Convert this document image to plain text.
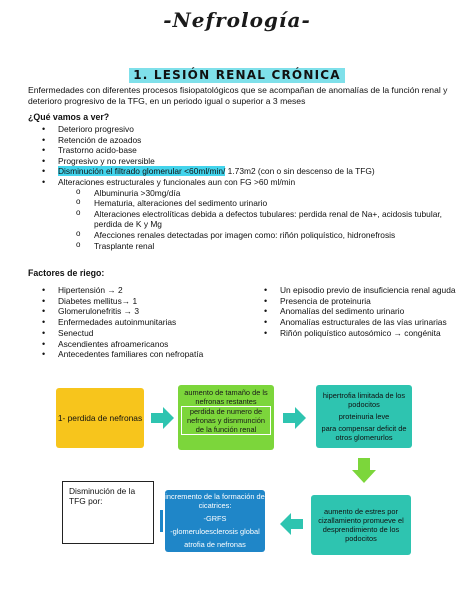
-Nefrología-
1. LESIÓN RENAL CRÓNICA
Enfermedades con diferentes procesos fisiopatológicos que se acompañan de anomalías de la función renal y deterioro progresivo de la TFG, en un periodo igual o superior a 3 meses
¿Qué vamos a ver?
• Deterioro progresivo
• Retención de azoados
• Trastorno acido-base
• Progresivo y no reversible
• Disminución el filtrado glomerular <60ml/min/ 1.73m2 (con o sin descenso de la TFG)
• Alteraciones estructurales y funcionales aun con FG >60 ml/min
o Albuminuria >30mg/día
o Hematuria, alteraciones del sedimento urinario
o Alteraciones electrolíticas debida a defectos tubulares: perdida renal de Na+, acidosis tubular, perdida de K y Mg
o Afecciones renales detectadas por imagen como: riñón poliquístico, hidronefrosis
o Trasplante renal
Factores de riego:
• Hipertensión → 2
• Diabetes mellitus→ 1
• Glomerulonefritis → 3
• Enfermedades autoinmunitarias
• Senectud
• Ascendientes afroamericanos
• Antecedentes familiares con nefropatía
• Un episodio previo de insuficiencia renal aguda
• Presencia de proteinuria
• Anomalías del sedimento urinario
• Anomalías estructurales de las vías urinarias
• Riñón poliquístico autosómico → congénita
1- perdida de nefronas
aumento de tamaño de ls nefronas restantes
perdida de numero de nefronas y disnmunción de la función renal
hipertrofia limitada de los podocitos
proteinuria leve
para compensar deficit de otros glomerurlos
aumento de estres por cizallamiento promueve el desprendimiento de los podocitos
incremento de la formación de cicatrices:
-GRFS
-glomeruloesclerosis global
atrofia de nefronas
Disminución de la TFG por:
